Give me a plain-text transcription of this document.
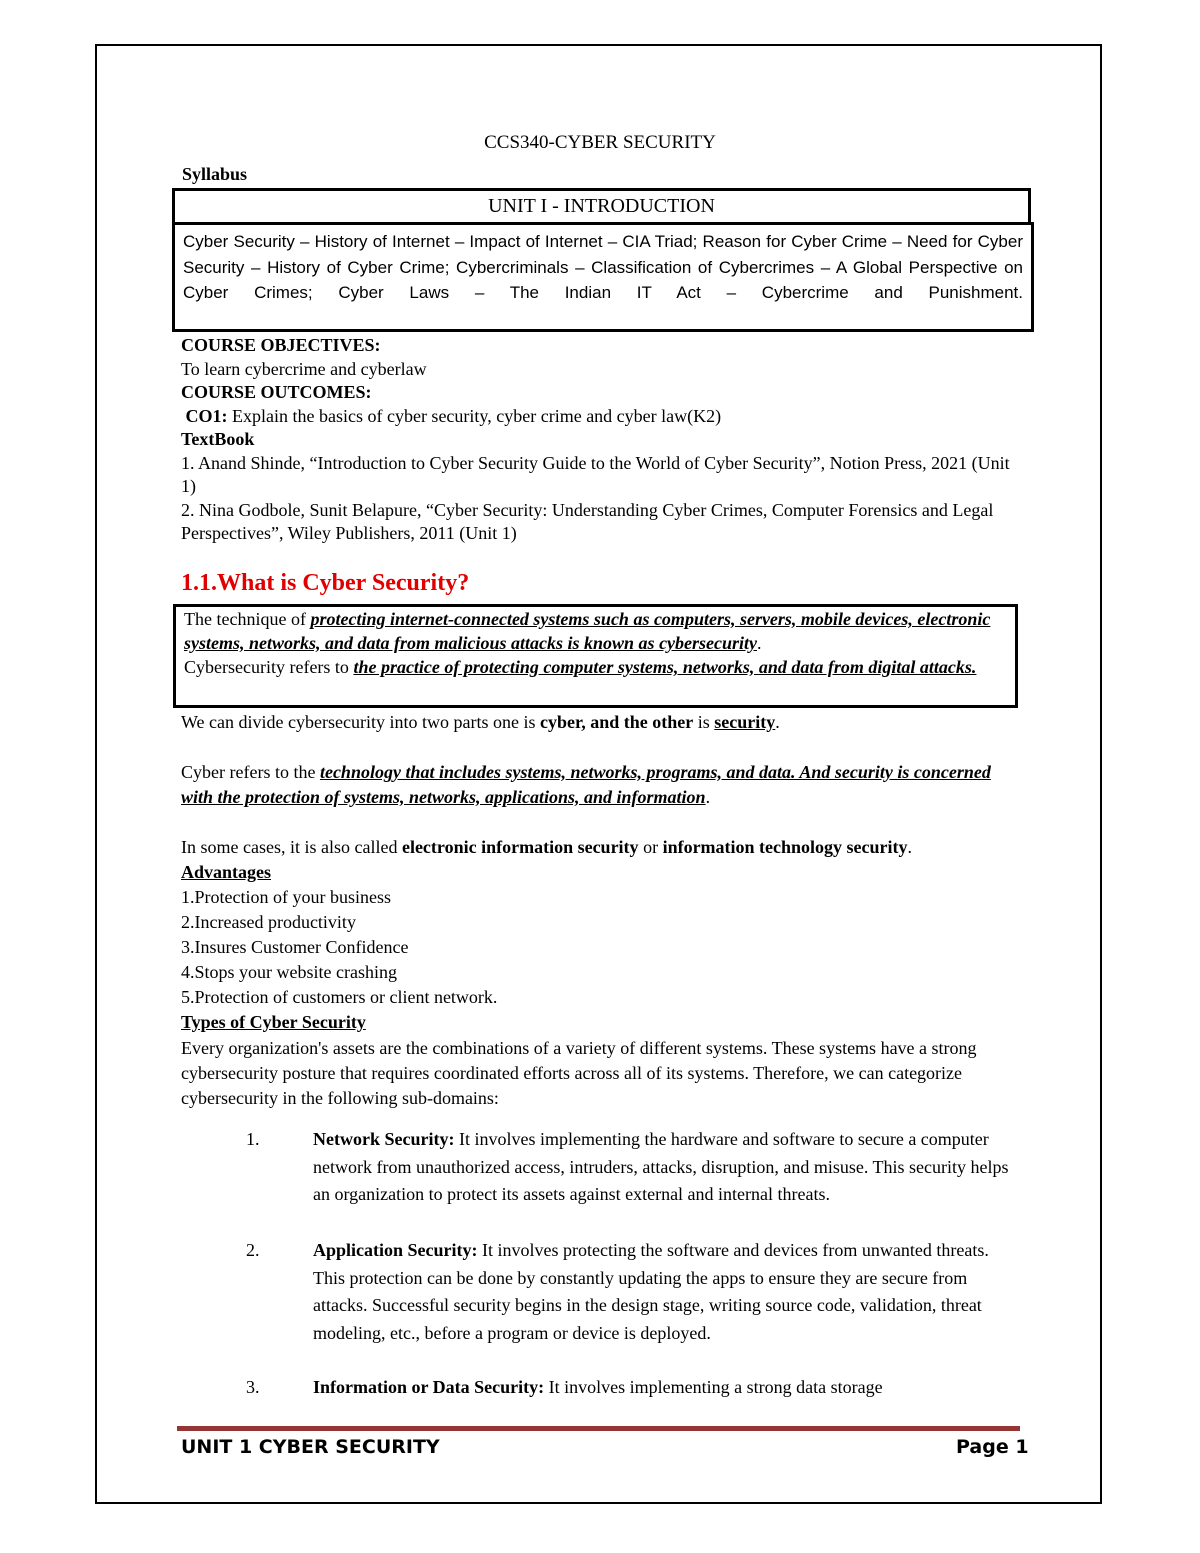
CCS340-CYBER SECURITY
Syllabus
UNIT I - INTRODUCTION
Cyber Security – History of Internet – Impact of Internet – CIA Triad; Reason for Cyber Crime – Need for Cyber Security – History of Cyber Crime; Cybercriminals – Classification of Cybercrimes – A Global Perspective on Cyber Crimes; Cyber Laws – The Indian IT Act – Cybercrime and Punishment.
COURSE OBJECTIVES:
To learn cybercrime and cyberlaw
COURSE OUTCOMES:
CO1: Explain the basics of cyber security, cyber crime and cyber law(K2)
TextBook
1. Anand Shinde, “Introduction to Cyber Security Guide to the World of Cyber Security”, Notion Press, 2021 (Unit 1)
2. Nina Godbole, Sunit Belapure, “Cyber Security: Understanding Cyber Crimes, Computer Forensics and Legal Perspectives”, Wiley Publishers, 2011 (Unit 1)
1.1.What is Cyber Security?
The technique of protecting internet-connected systems such as computers, servers, mobile devices, electronic systems, networks, and data from malicious attacks is known as cybersecurity.
Cybersecurity refers to the practice of protecting computer systems, networks, and data from digital attacks.
We can divide cybersecurity into two parts one is cyber, and the other is security.
Cyber refers to the technology that includes systems, networks, programs, and data. And security is concerned with the protection of systems, networks, applications, and information.
In some cases, it is also called electronic information security or information technology security.
Advantages
1.Protection of your business
2.Increased productivity
3.Insures Customer Confidence
4.Stops your website crashing
5.Protection of customers or client network.
Types of Cyber Security
Every organization's assets are the combinations of a variety of different systems. These systems have a strong cybersecurity posture that requires coordinated efforts across all of its systems. Therefore, we can categorize cybersecurity in the following sub-domains:
1.	Network Security: It involves implementing the hardware and software to secure a computer network from unauthorized access, intruders, attacks, disruption, and misuse. This security helps an organization to protect its assets against external and internal threats.
2.	Application Security: It involves protecting the software and devices from unwanted threats. This protection can be done by constantly updating the apps to ensure they are secure from attacks. Successful security begins in the design stage, writing source code, validation, threat modeling, etc., before a program or device is deployed.
3.	Information or Data Security: It involves implementing a strong data storage
UNIT 1 CYBER SECURITY	Page 1
